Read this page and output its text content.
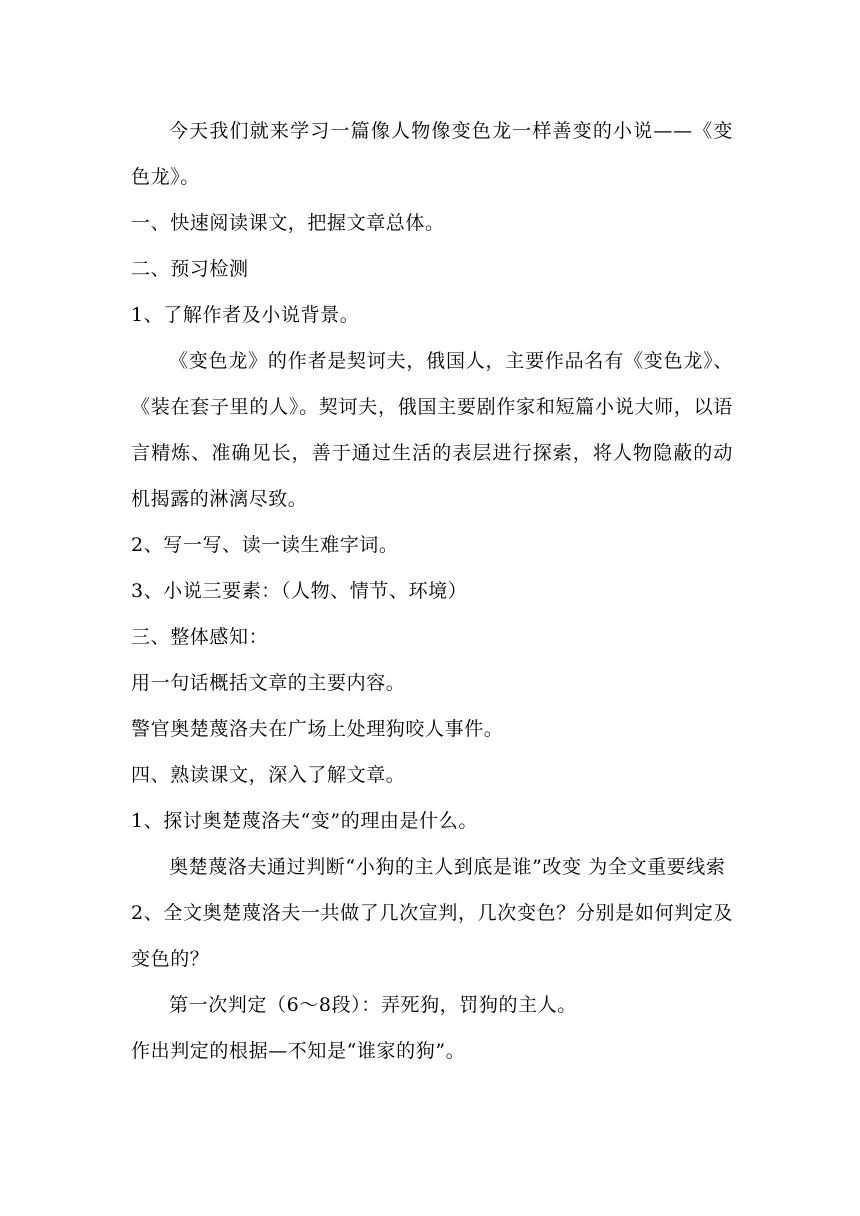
今天我们就来学习一篇像人物像变色龙一样善变的小说——《变色龙》。

一、快速阅读课文，把握文章总体。

二、预习检测

1、了解作者及小说背景。

《变色龙》的作者是契诃夫，俄国人，主要作品名有《变色龙》、《装在套子里的人》。契诃夫，俄国主要剧作家和短篇小说大师，以语言精炼、准确见长，善于通过生活的表层进行探索，将人物隐蔽的动机揭露的淋漓尽致。

2、写一写、读一读生难字词。

3、小说三要素：（人物、情节、环境）

三、整体感知：

用一句话概括文章的主要内容。

警官奥楚蔑洛夫在广场上处理狗咬人事件。

四、熟读课文，深入了解文章。

1、探讨奥楚蔑洛夫“变”的理由是什么。

奥楚蔑洛夫通过判断“小狗的主人到底是谁”改变 为全文重要线索

2、全文奥楚蔑洛夫一共做了几次宣判，几次变色？分别是如何判定及变色的？

第一次判定（6～8段）：弄死狗，罚狗的主人。

作出判定的根据—不知是“谁家的狗”。
